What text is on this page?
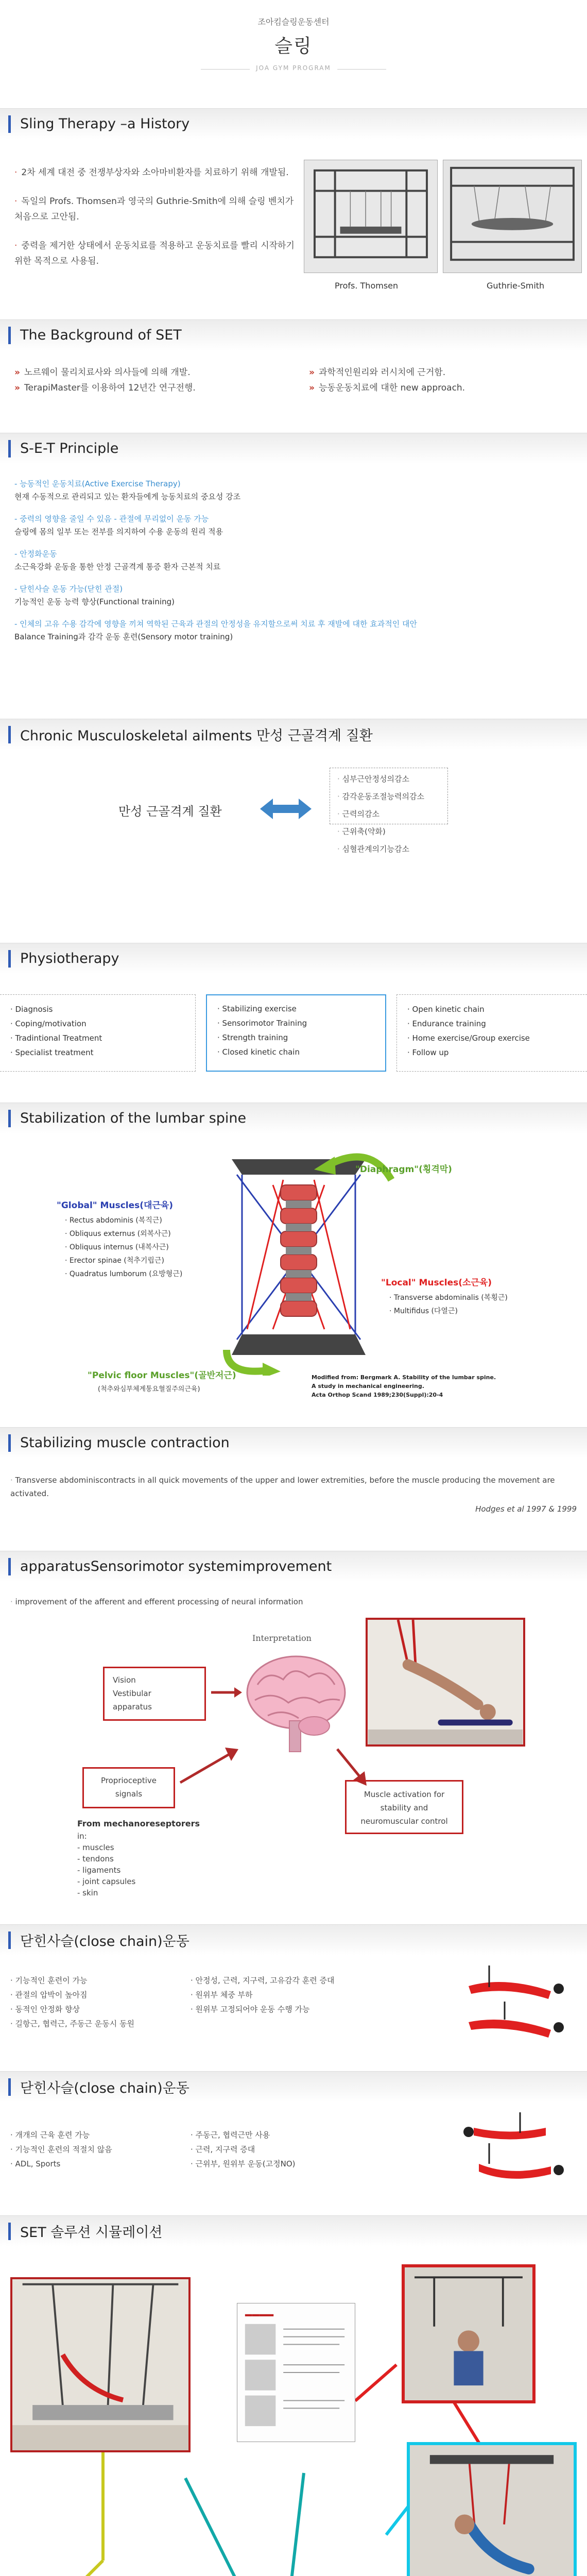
조아킴슬링운동센터
슬링
JOA GYM PROGRAM
Sling Therapy –a History
· 2차 세계 대전 중 전쟁부상자와 소아마비환자를 치료하기 위해 개발됨.
· 독일의 Profs. Thomsen과 영국의 Guthrie-Smith에 의해 슬링 벤치가 처음으로 고안됨.
· 중력을 제거한 상태에서 운동치료를 적용하고 운동치료를 빨리 시작하기 위한 목적으로 사용됨.
Profs. Thomsen	Guthrie-Smith
The Background of SET
» 노르웨이 물리치료사와 의사들에 의해 개발.
» TerapiMaster를 이용하여 12년간 연구전행.
» 과학적인원리와 러시치에 근거함.
» 능동운동치료에 대한 new approach.
S-E-T Principle
- 능동적인 운동치료(Active Exercise Therapy)
현재 수동적으로 관리되고 있는 환자들에게 능동치료의 중요성 강조
- 중력의 영향을 줄일 수 있음 - 관절에 무리없이 운동 가능
슬링에 몸의 일부 또는 전부를 의지하여 수용 운동의 원리 적용
- 안정화운동
소근육강화 운동을 통한 안정 근골격계 통증 환자 근본적 치료
- 닫힌사슬 운동 가능(닫힌 관절)
기능적인 운동 능력 향상(Functional training)
- 인체의 고유 수용 감각에 영향을 끼쳐 역학된 근육과 관절의 안정성을 유지할으로써 치료 후 재발에 대한 효과적인 대안
Balance Training과 감각 운동 훈련(Sensory motor training)
Chronic Musculoskeletal ailments 만성 근골격계 질환
만성 근골격계 질환
· 심부근안정성의감소
· 감각운동조절능력의감소
· 근력의감소
· 근위축(약화)
· 심혈관계의기능감소
Physiotherapy
· Diagnosis
· Coping/motivation
· Tradintional Treatment
· Specialist treatment
· Stabilizing exercise
· Sensorimotor Training
· Strength training
· Closed kinetic chain
· Open kinetic chain
· Endurance training
· Home exercise/Group exercise
· Follow up
Stabilization of the lumbar spine
"Diaphragm"(횡격막)
"Global" Muscles(대근육)
· Rectus abdominis (복직근)
· Obliquus externus (외복사근)
· Obliquus internus (내복사근)
· Erector spinae (척추기립근)
· Quadratus lumborum (요방형근)
"Local" Muscles(소근육)
· Transverse abdominalis (복횡근)
· Multifidus (다열근)
"Pelvic floor Muscles"(골반저근)
(척추와심부체계통요혈질주의근육)
Modified from: Bergmark A. Stability of the lumbar spine.
A study in mechanical engineering.
Acta Orthop Scand 1989;230(Suppl):20-4
Stabilizing muscle contraction
· Transverse abdominiscontracts in all quick movements of the upper and lower extremities, before the muscle producing the movement are activated.
Hodges et al 1997 & 1999
apparatusSensorimotor systemimprovement
· improvement of the afferent and efferent processing of neural information
Interpretation
Vision
Vestibular
apparatus
Proprioceptive
signals	Muscle activation for
stability and
neuromuscular control
From mechanoreseptorers
in:
- muscles
- tendons
- ligaments
- joint capsules
- skin
닫힌사슬(close chain)운동
· 기능적인 훈련이 가능
· 관절의 압박이 높아짐
· 동적인 안정화 향상
· 길항근, 협력근, 주동근 운동시 동원
· 안정성, 근력, 지구력, 고유감각 훈련 증대
· 원위부 체중 부하
· 원위부 고정되어야 운동 수행 가능
닫힌사슬(close chain)운동
· 개개의 근육 훈련 가능
· 기능적인 훈련의 적절치 않음
· ADL, Sports
· 주동근, 협력근만 사용
· 근력, 지구력 증대
· 근위부, 원위부 운동(고정NO)
SET 솔루션 시뮬레이션
▬▬▬▬
